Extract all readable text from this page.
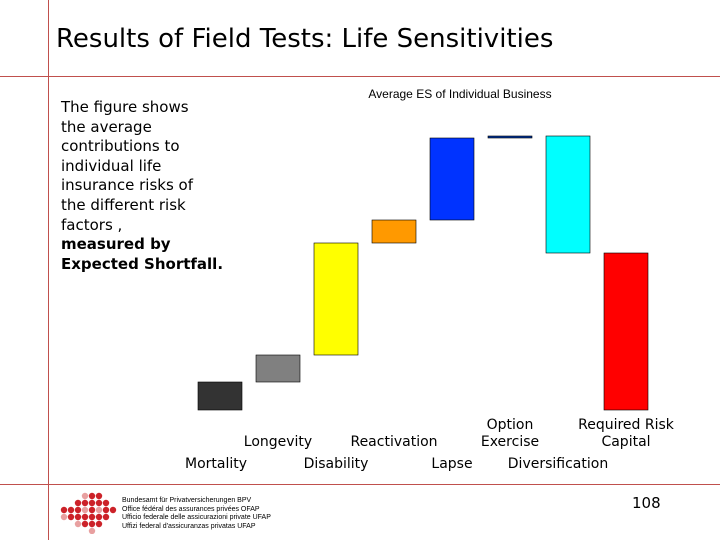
Results of Field Tests: Life Sensitivities
The figure shows
the average
contributions to
individual life
insurance risks of
the different risk
factors ,
measured by
Expected Shortfall.
Average ES of Individual Business
Mortality
Longevity
Disability
Reactivation
Lapse
Option Exercise
Diversification
Required Risk Capital
108
Bundesamt für Privatversicherungen BPV
Office fédéral des assurances privées OFAP
Ufficio federale delle assicurazioni private UFAP
Uffizi federal d'assicuranzas privatas UFAP
